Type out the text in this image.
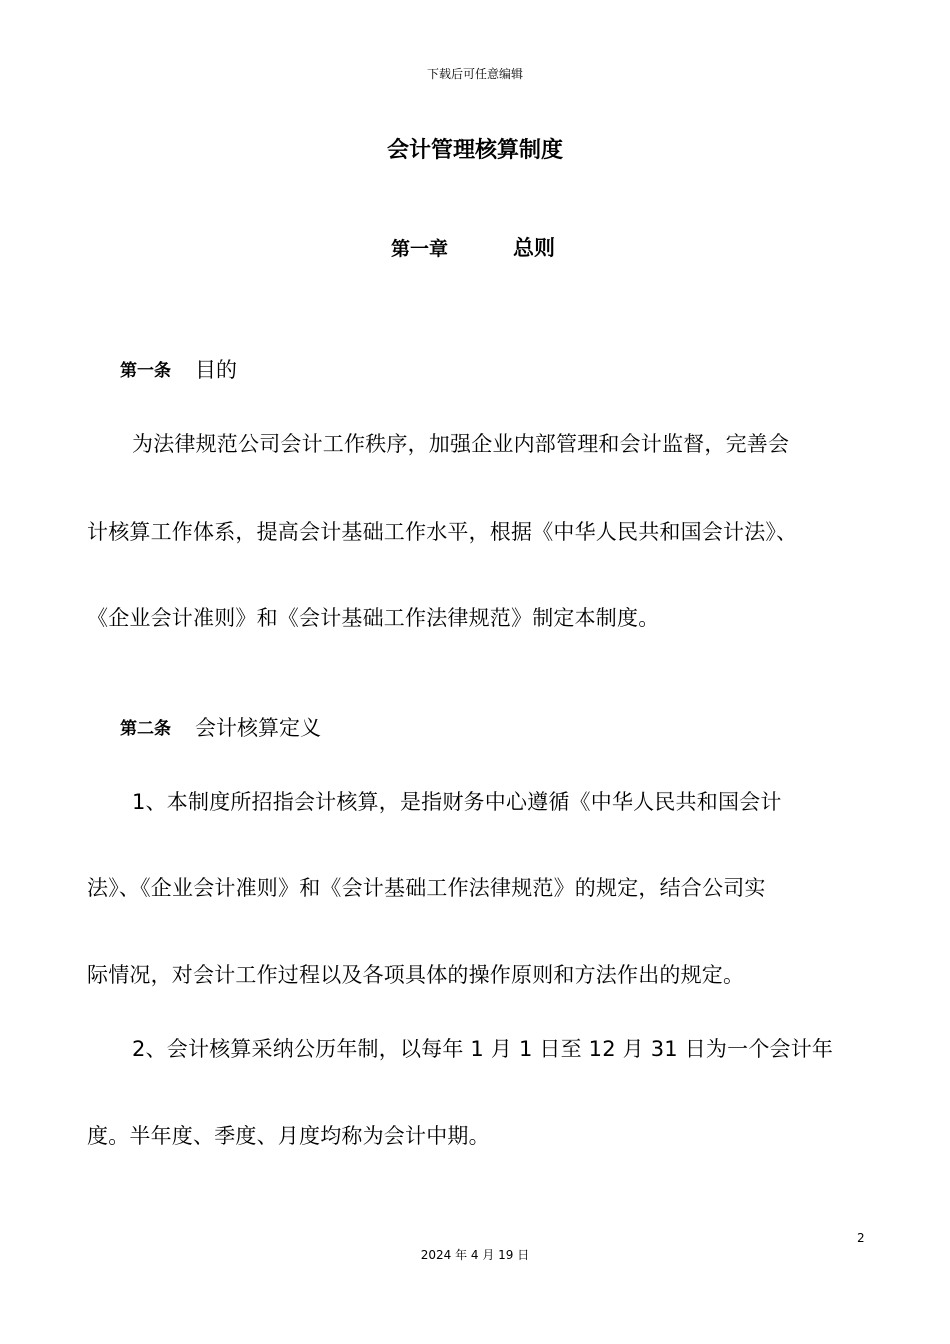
下载后可任意编辑
会计管理核算制度
第一章	总则
第一条 目的
为法律规范公司会计工作秩序，加强企业内部管理和会计监督，完善会
计核算工作体系，提高会计基础工作水平，根据《中华人民共和国会计法》、
《企业会计准则》和《会计基础工作法律规范》制定本制度。
第二条 会计核算定义
1、本制度所招指会计核算，是指财务中心遵循《中华人民共和国会计
法》、《企业会计准则》和《会计基础工作法律规范》的规定，结合公司实
际情况，对会计工作过程以及各项具体的操作原则和方法作出的规定。
2、会计核算采纳公历年制，以每年 1 月 1 日至 12 月 31 日为一个会计年
度。半年度、季度、月度均称为会计中期。
2
2024 年 4 月 19 日
